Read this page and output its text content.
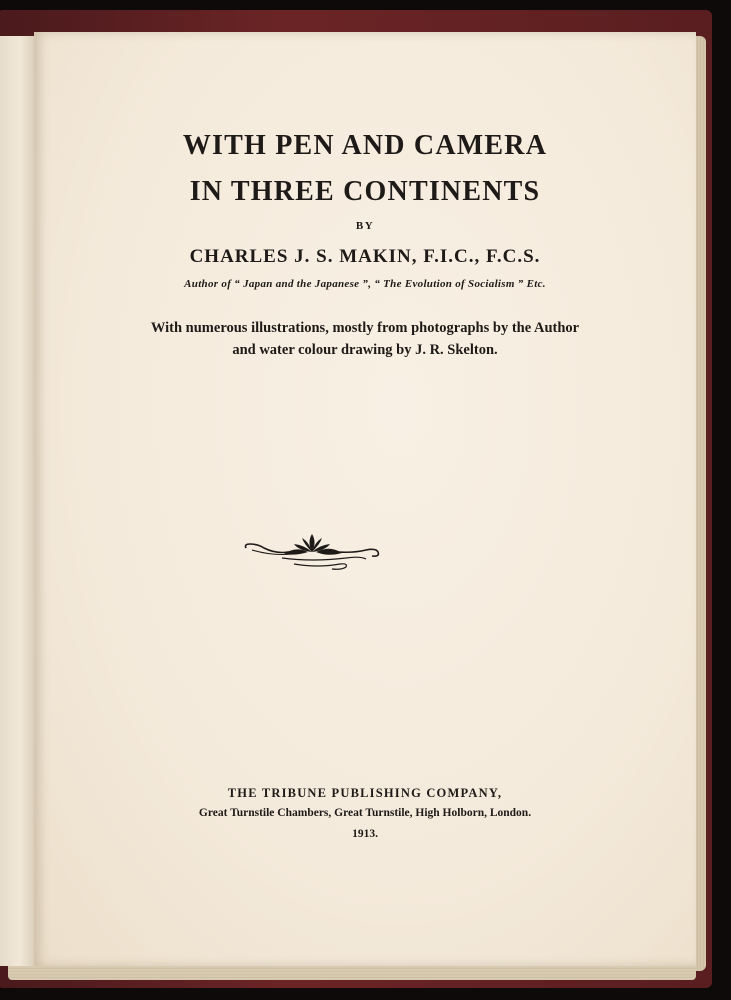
WITH PEN AND CAMERA
IN THREE CONTINENTS
BY
CHARLES J. S. MAKIN, F.I.C., F.C.S.
Author of “ Japan and the Japanese ”, “ The Evolution of Socialism ” Etc.
With numerous illustrations, mostly from photographs by the Author
and water colour drawing by J. R. Skelton.
THE TRIBUNE PUBLISHING COMPANY,
Great Turnstile Chambers, Great Turnstile, High Holborn, London.
1913.
